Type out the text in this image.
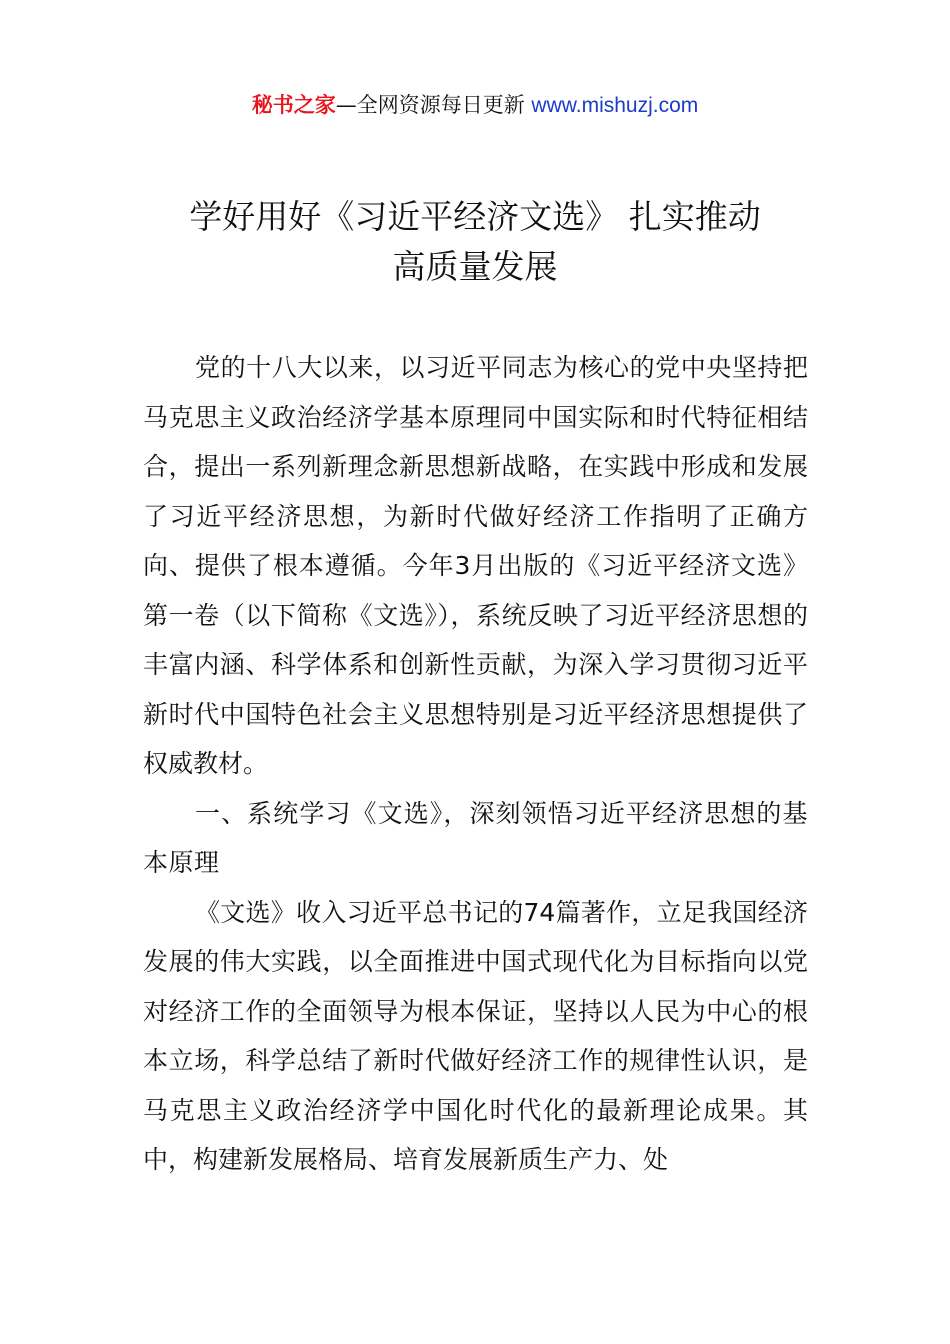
秘书之家—全网资源每日更新 www.mishuzj.com
学好用好《习近平经济文选》 扎实推动
高质量发展

党的十八大以来，以习近平同志为核心的党中央坚持把马克思主义政治经济学基本原理同中国实际和时代特征相结合，提出一系列新理念新思想新战略，在实践中形成和发展了习近平经济思想，为新时代做好经济工作指明了正确方向、提供了根本遵循。今年3月出版的《习近平经济文选》第一卷（以下简称《文选》），系统反映了习近平经济思想的丰富内涵、科学体系和创新性贡献，为深入学习贯彻习近平新时代中国特色社会主义思想特别是习近平经济思想提供了权威教材。

一、系统学习《文选》，深刻领悟习近平经济思想的基本原理

《文选》收入习近平总书记的74篇著作，立足我国经济发展的伟大实践，以全面推进中国式现代化为目标指向以党对经济工作的全面领导为根本保证，坚持以人民为中心的根本立场，科学总结了新时代做好经济工作的规律性认识，是马克思主义政治经济学中国化时代化的最新理论成果。其中，构建新发展格局、培育发展新质生产力、处
